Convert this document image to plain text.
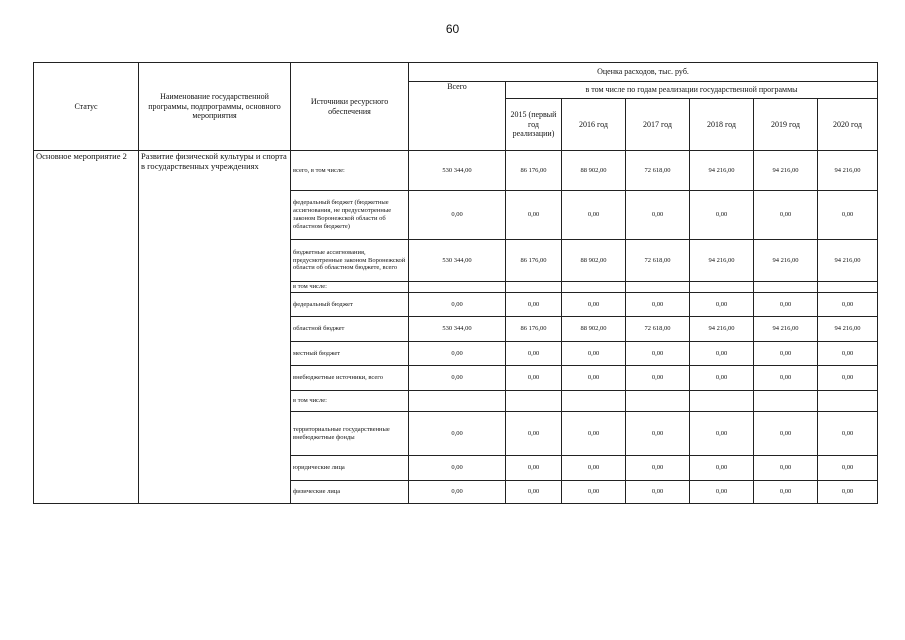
60
Статус	Наименование государственной программы, подпрограммы, основного мероприятия	Источники ресурсного обеспечения	Оценка расходов, тыс. руб.						
			Всего	в том числе по годам реализации государственной программы					
				2015 (первый год реализации)	2016 год	2017 год	2018 год	2019 год	2020 год
Основное мероприятие 2	Развитие физической культуры и спорта в государственных учреждениях	всего, в том числе:	530 344,00	86 176,00	88 902,00	72 618,00	94 216,00	94 216,00	94 216,00
		федеральный бюджет (бюджетные ассигнования, не предусмотренные законом Воронежской области об областном бюджете)	0,00	0,00	0,00	0,00	0,00	0,00	0,00
		бюджетные ассигнования, предусмотренные законом Воронежской области об областном бюджете, всего	530 344,00	86 176,00	88 902,00	72 618,00	94 216,00	94 216,00	94 216,00
		в том числе:							
		федеральный бюджет	0,00	0,00	0,00	0,00	0,00	0,00	0,00
		областной бюджет	530 344,00	86 176,00	88 902,00	72 618,00	94 216,00	94 216,00	94 216,00
		местный бюджет	0,00	0,00	0,00	0,00	0,00	0,00	0,00
		внебюджетные источники, всего	0,00	0,00	0,00	0,00	0,00	0,00	0,00
		в том числе:							
		территориальные государственные внебюджетные фонды	0,00	0,00	0,00	0,00	0,00	0,00	0,00
		юридические лица	0,00	0,00	0,00	0,00	0,00	0,00	0,00
		физические лица	0,00	0,00	0,00	0,00	0,00	0,00	0,00
